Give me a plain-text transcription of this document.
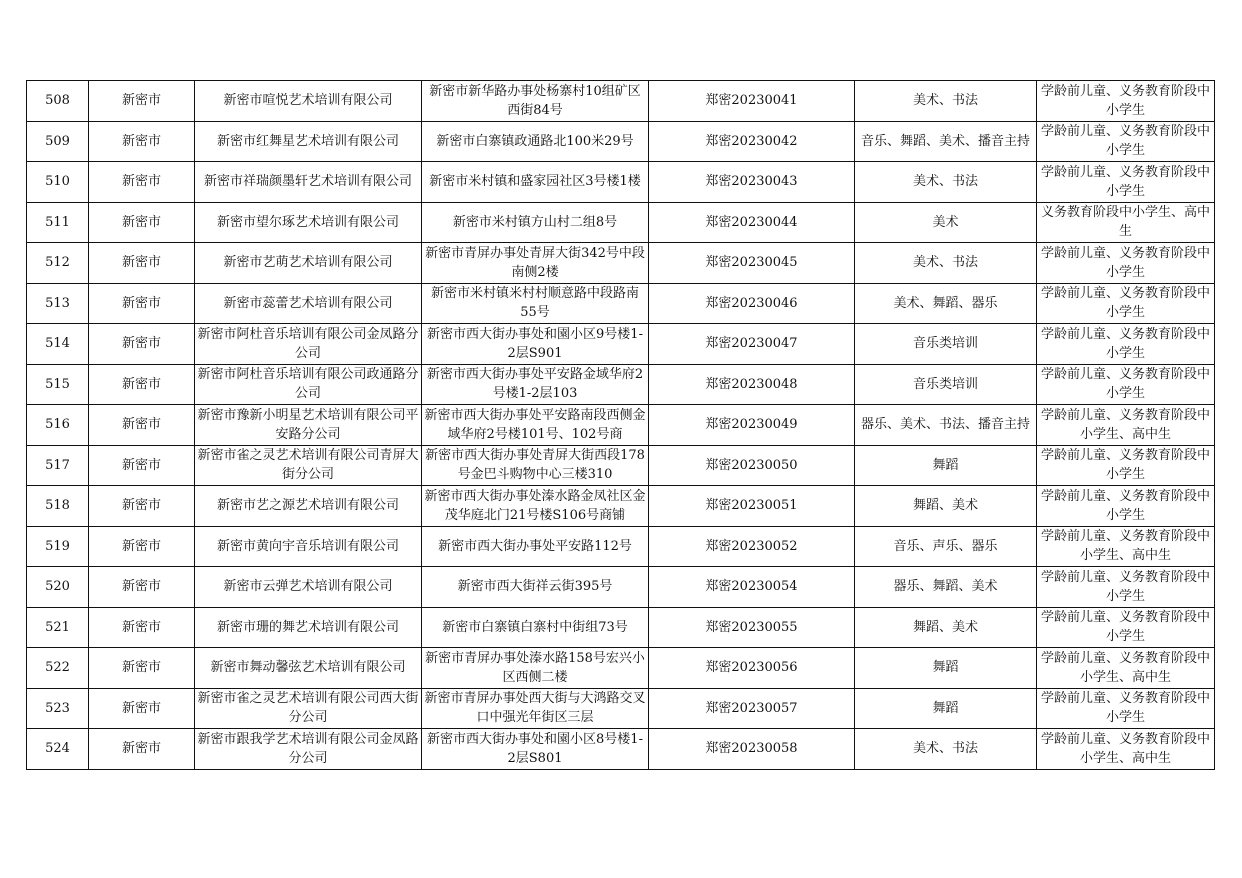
508	新密市	新密市喧悦艺术培训有限公司	新密市新华路办事处杨寨村10组矿区西街84号	郑密20230041	美术、书法	学龄前儿童、义务教育阶段中小学生
509	新密市	新密市红舞星艺术培训有限公司	新密市白寨镇政通路北100米29号	郑密20230042	音乐、舞蹈、美术、播音主持	学龄前儿童、义务教育阶段中小学生
510	新密市	新密市祥瑞颜墨轩艺术培训有限公司	新密市米村镇和盛家园社区3号楼1楼	郑密20230043	美术、书法	学龄前儿童、义务教育阶段中小学生
511	新密市	新密市望尔琢艺术培训有限公司	新密市米村镇方山村二组8号	郑密20230044	美术	义务教育阶段中小学生、高中生
512	新密市	新密市艺萌艺术培训有限公司	新密市青屏办事处青屏大街342号中段南侧2楼	郑密20230045	美术、书法	学龄前儿童、义务教育阶段中小学生
513	新密市	新密市蕊蕾艺术培训有限公司	新密市米村镇米村村顺意路中段路南55号	郑密20230046	美术、舞蹈、器乐	学龄前儿童、义务教育阶段中小学生
514	新密市	新密市阿杜音乐培训有限公司金凤路分公司	新密市西大街办事处和園小区9号楼1-2层S901	郑密20230047	音乐类培训	学龄前儿童、义务教育阶段中小学生
515	新密市	新密市阿杜音乐培训有限公司政通路分公司	新密市西大街办事处平安路金域华府2号楼1-2层103	郑密20230048	音乐类培训	学龄前儿童、义务教育阶段中小学生
516	新密市	新密市豫新小明星艺术培训有限公司平安路分公司	新密市西大街办事处平安路南段西侧金域华府2号楼101号、102号商	郑密20230049	器乐、美术、书法、播音主持	学龄前儿童、义务教育阶段中小学生、高中生
517	新密市	新密市雀之灵艺术培训有限公司青屏大街分公司	新密市西大街办事处青屏大街西段178号金巴斗购物中心三楼310	郑密20230050	舞蹈	学龄前儿童、义务教育阶段中小学生
518	新密市	新密市艺之源艺术培训有限公司	新密市西大街办事处溱水路金凤社区金茂华庭北门21号楼S106号商铺	郑密20230051	舞蹈、美术	学龄前儿童、义务教育阶段中小学生
519	新密市	新密市黄向宇音乐培训有限公司	新密市西大街办事处平安路112号	郑密20230052	音乐、声乐、器乐	学龄前儿童、义务教育阶段中小学生、高中生
520	新密市	新密市云弹艺术培训有限公司	新密市西大街祥云街395号	郑密20230054	器乐、舞蹈、美术	学龄前儿童、义务教育阶段中小学生
521	新密市	新密市珊的舞艺术培训有限公司	新密市白寨镇白寨村中街组73号	郑密20230055	舞蹈、美术	学龄前儿童、义务教育阶段中小学生
522	新密市	新密市舞动馨弦艺术培训有限公司	新密市青屏办事处溱水路158号宏兴小区西侧二楼	郑密20230056	舞蹈	学龄前儿童、义务教育阶段中小学生、高中生
523	新密市	新密市雀之灵艺术培训有限公司西大街分公司	新密市青屏办事处西大街与大鸿路交叉口中强光年街区三层	郑密20230057	舞蹈	学龄前儿童、义务教育阶段中小学生
524	新密市	新密市跟我学艺术培训有限公司金凤路分公司	新密市西大街办事处和園小区8号楼1-2层S801	郑密20230058	美术、书法	学龄前儿童、义务教育阶段中小学生、高中生
